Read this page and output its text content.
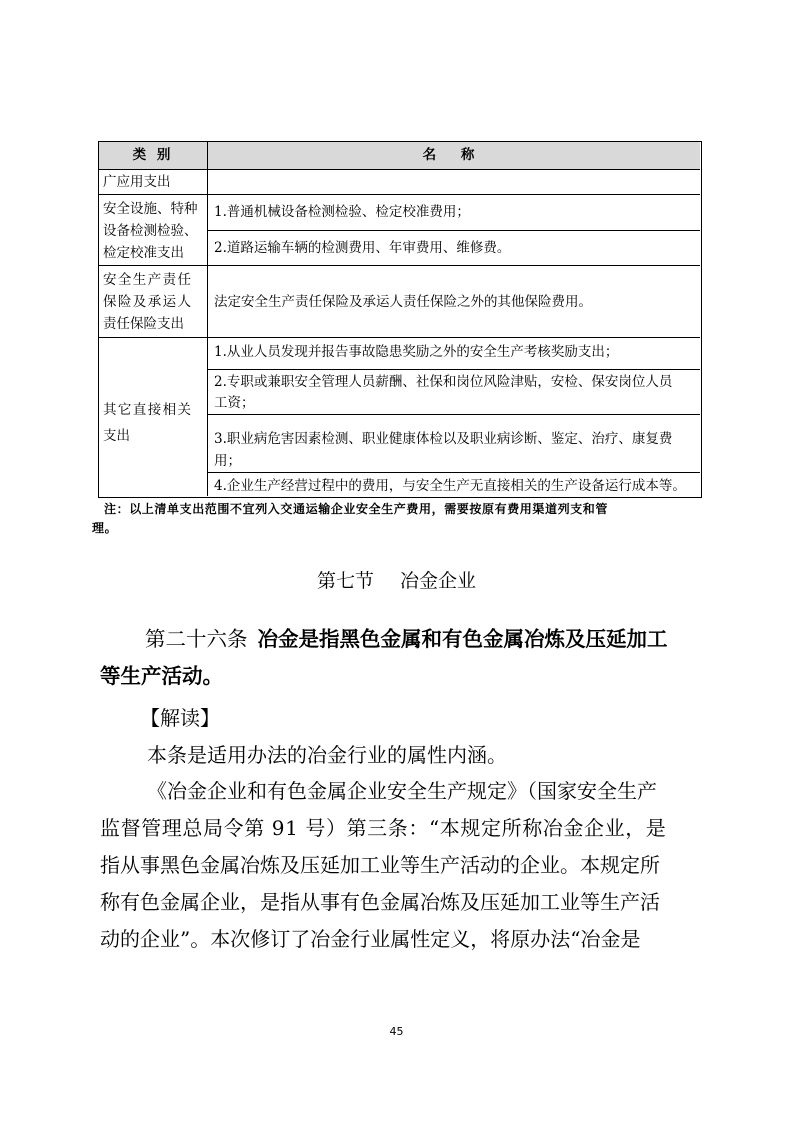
类 别	名 称
广应用支出
安全设施、特种
设备检测检验、
检定校准支出
1.普通机械设备检测检验、检定校准费用；
2.道路运输车辆的检测费用、年审费用、维修费。
安全生产责任
保险及承运人
责任保险支出
法定安全生产责任保险及承运人责任保险之外的其他保险费用。
其它直接相关
支出
1.从业人员发现并报告事故隐患奖励之外的安全生产考核奖励支出；
2.专职或兼职安全管理人员薪酬、社保和岗位风险津贴，安检、保安岗位人员
工资；
3.职业病危害因素检测、职业健康体检以及职业病诊断、鉴定、治疗、康复费
用；
4.企业生产经营过程中的费用，与安全生产无直接相关的生产设备运行成本等。
注：以上清单支出范围不宜列入交通运输企业安全生产费用，需要按原有费用渠道列支和管
理。
第七节 冶金企业
第二十六条 冶金是指黑色金属和有色金属冶炼及压延加工
等生产活动。
【解读】
本条是适用办法的冶金行业的属性内涵。
《冶金企业和有色金属企业安全生产规定》（国家安全生产
监督管理总局令第 91 号）第三条：“本规定所称冶金企业，是
指从事黑色金属冶炼及压延加工业等生产活动的企业。本规定所
称有色金属企业，是指从事有色金属冶炼及压延加工业等生产活
动的企业”。本次修订了冶金行业属性定义，将原办法“冶金是
45
